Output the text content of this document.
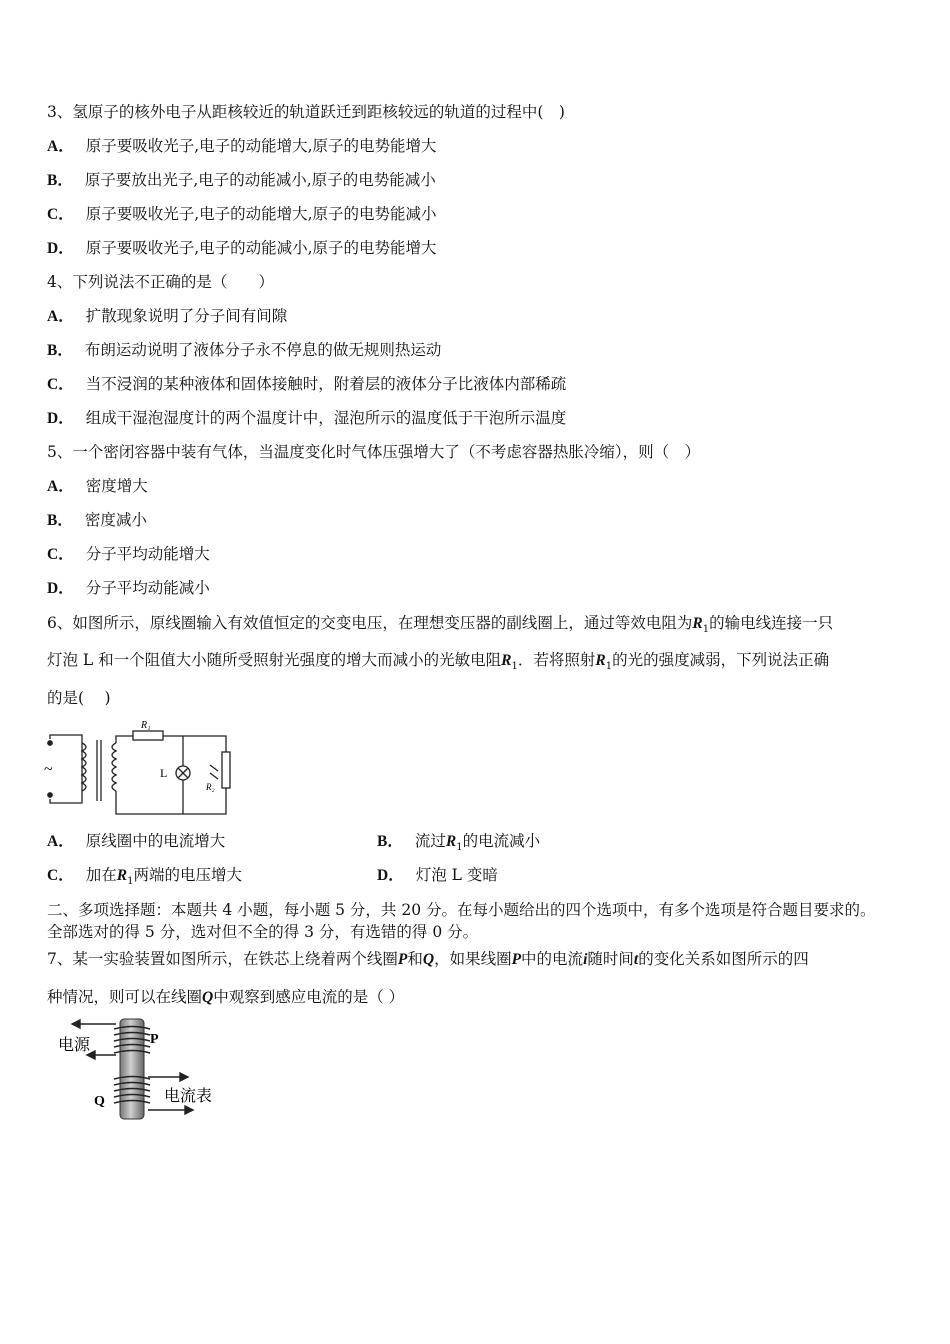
3、氢原子的核外电子从距核较近的轨道跃迁到距核较远的轨道的过程中(　)
A． 原子要吸收光子,电子的动能增大,原子的电势能增大
B． 原子要放出光子,电子的动能减小,原子的电势能减小
C． 原子要吸收光子,电子的动能增大,原子的电势能减小
D． 原子要吸收光子,电子的动能减小,原子的电势能增大
4、下列说法不正确的是（　　）
A． 扩散现象说明了分子间有间隙
B． 布朗运动说明了液体分子永不停息的做无规则热运动
C． 当不浸润的某种液体和固体接触时，附着层的液体分子比液体内部稀疏
D． 组成干湿泡湿度计的两个温度计中，湿泡所示的温度低于干泡所示温度
5、一个密闭容器中装有气体，当温度变化时气体压强增大了（不考虑容器热胀冷缩），则（　）
A． 密度增大
B． 密度减小
C． 分子平均动能增大
D． 分子平均动能减小
6、如图所示，原线圈输入有效值恒定的交变电压，在理想变压器的副线圈上，通过等效电阻为$R_1$的输电线连接一只
灯泡 L 和一个阻值大小随所受照射光强度的增大而减小的光敏电阻$R_1$．若将照射$R_1$的光的强度减弱，下列说法正确
的是(　 )
R₁
L
R₂
~
A． 原线圈中的电流增大	B． 流过$R_1$的电流减小
C． 加在$R_1$两端的电压增大	D． 灯泡 L 变暗
二、多项选择题：本题共 4 小题，每小题 5 分，共 20 分。在每小题给出的四个选项中，有多个选项是符合题目要求的。
全部选对的得 5 分，选对但不全的得 3 分，有选错的得 0 分。
7、某一实验装置如图所示，在铁芯上绕着两个线圈P和Q，如果线圈P中的电流i随时间t的变化关系如图所示的四
种情况，则可以在线圈Q中观察到感应电流的是（ ）
电源	P
电流表
Q
